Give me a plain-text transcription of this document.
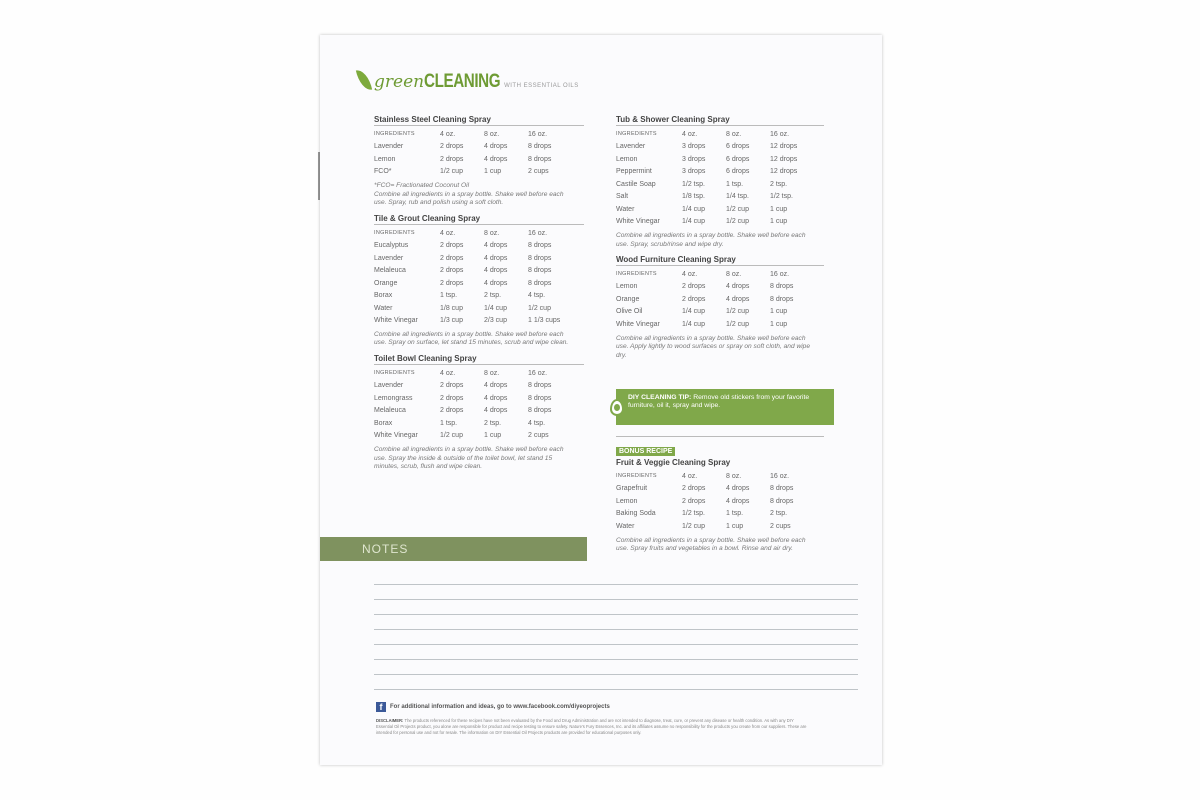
green CLEANING WITH ESSENTIAL OILS
Stainless Steel Cleaning Spray
INGREDIENTS	4 oz.	8 oz.	16 oz.
Lavender	2 drops	4 drops	8 drops
Lemon	2 drops	4 drops	8 drops
FCO*	1/2 cup	1 cup	2 cups
*FCO= Fractionated Coconut Oil
Combine all ingredients in a spray bottle. Shake well before each use. Spray, rub and polish using a soft cloth.
Tile & Grout Cleaning Spray
INGREDIENTS	4 oz.	8 oz.	16 oz.
Eucalyptus	2 drops	4 drops	8 drops
Lavender	2 drops	4 drops	8 drops
Melaleuca	2 drops	4 drops	8 drops
Orange	2 drops	4 drops	8 drops
Borax	1 tsp.	2 tsp.	4 tsp.
Water	1/8 cup	1/4 cup	1/2 cup
White Vinegar	1/3 cup	2/3 cup	1 1/3 cups
Combine all ingredients in a spray bottle. Shake well before each use. Spray on surface, let stand 15 minutes, scrub and wipe clean.
Toilet Bowl Cleaning Spray
INGREDIENTS	4 oz.	8 oz.	16 oz.
Lavender	2 drops	4 drops	8 drops
Lemongrass	2 drops	4 drops	8 drops
Melaleuca	2 drops	4 drops	8 drops
Borax	1 tsp.	2 tsp.	4 tsp.
White Vinegar	1/2 cup	1 cup	2 cups
Combine all ingredients in a spray bottle. Shake well before each use. Spray the inside & outside of the toilet bowl, let stand 15 minutes, scrub, flush and wipe clean.
Tub & Shower Cleaning Spray
INGREDIENTS	4 oz.	8 oz.	16 oz.
Lavender	3 drops	6 drops	12 drops
Lemon	3 drops	6 drops	12 drops
Peppermint	3 drops	6 drops	12 drops
Castile Soap	1/2 tsp.	1 tsp.	2 tsp.
Salt	1/8 tsp.	1/4 tsp.	1/2 tsp.
Water	1/4 cup	1/2 cup	1 cup
White Vinegar	1/4 cup	1/2 cup	1 cup
Combine all ingredients in a spray bottle. Shake well before each use. Spray, scrub/rinse and wipe dry.
Wood Furniture Cleaning Spray
INGREDIENTS	4 oz.	8 oz.	16 oz.
Lemon	2 drops	4 drops	8 drops
Orange	2 drops	4 drops	8 drops
Olive Oil	1/4 cup	1/2 cup	1 cup
White Vinegar	1/4 cup	1/2 cup	1 cup
Combine all ingredients in a spray bottle. Shake well before each use. Apply lightly to wood surfaces or spray on soft cloth, and wipe dry.
DIY CLEANING TIP: Remove old stickers from your favorite furniture, oil it, spray and wipe.
BONUS RECIPE
Fruit & Veggie Cleaning Spray
INGREDIENTS	4 oz.	8 oz.	16 oz.
Grapefruit	2 drops	4 drops	8 drops
Lemon	2 drops	4 drops	8 drops
Baking Soda	1/2 tsp.	1 tsp.	2 tsp.
Water	1/2 cup	1 cup	2 cups
Combine all ingredients in a spray bottle. Shake well before each use. Spray fruits and vegetables in a bowl. Rinse and air dry.
NOTES
f	For additional information and ideas, go to www.facebook.com/diyeoprojects
DISCLAIMER: The products referenced for these recipes have not been evaluated by the Food and Drug Administration and are not intended to diagnose, treat, cure, or prevent any disease or health condition. As with any DIY Essential Oil Projects product, you alone are responsible for product and recipe testing to ensure safety. Nature's Fury Essences, Inc. and its affiliates assume no responsibility for the products you create from our suppliers. These are intended for personal use and not for resale. The information on DIY Essential Oil Projects products are provided for educational purposes only.
